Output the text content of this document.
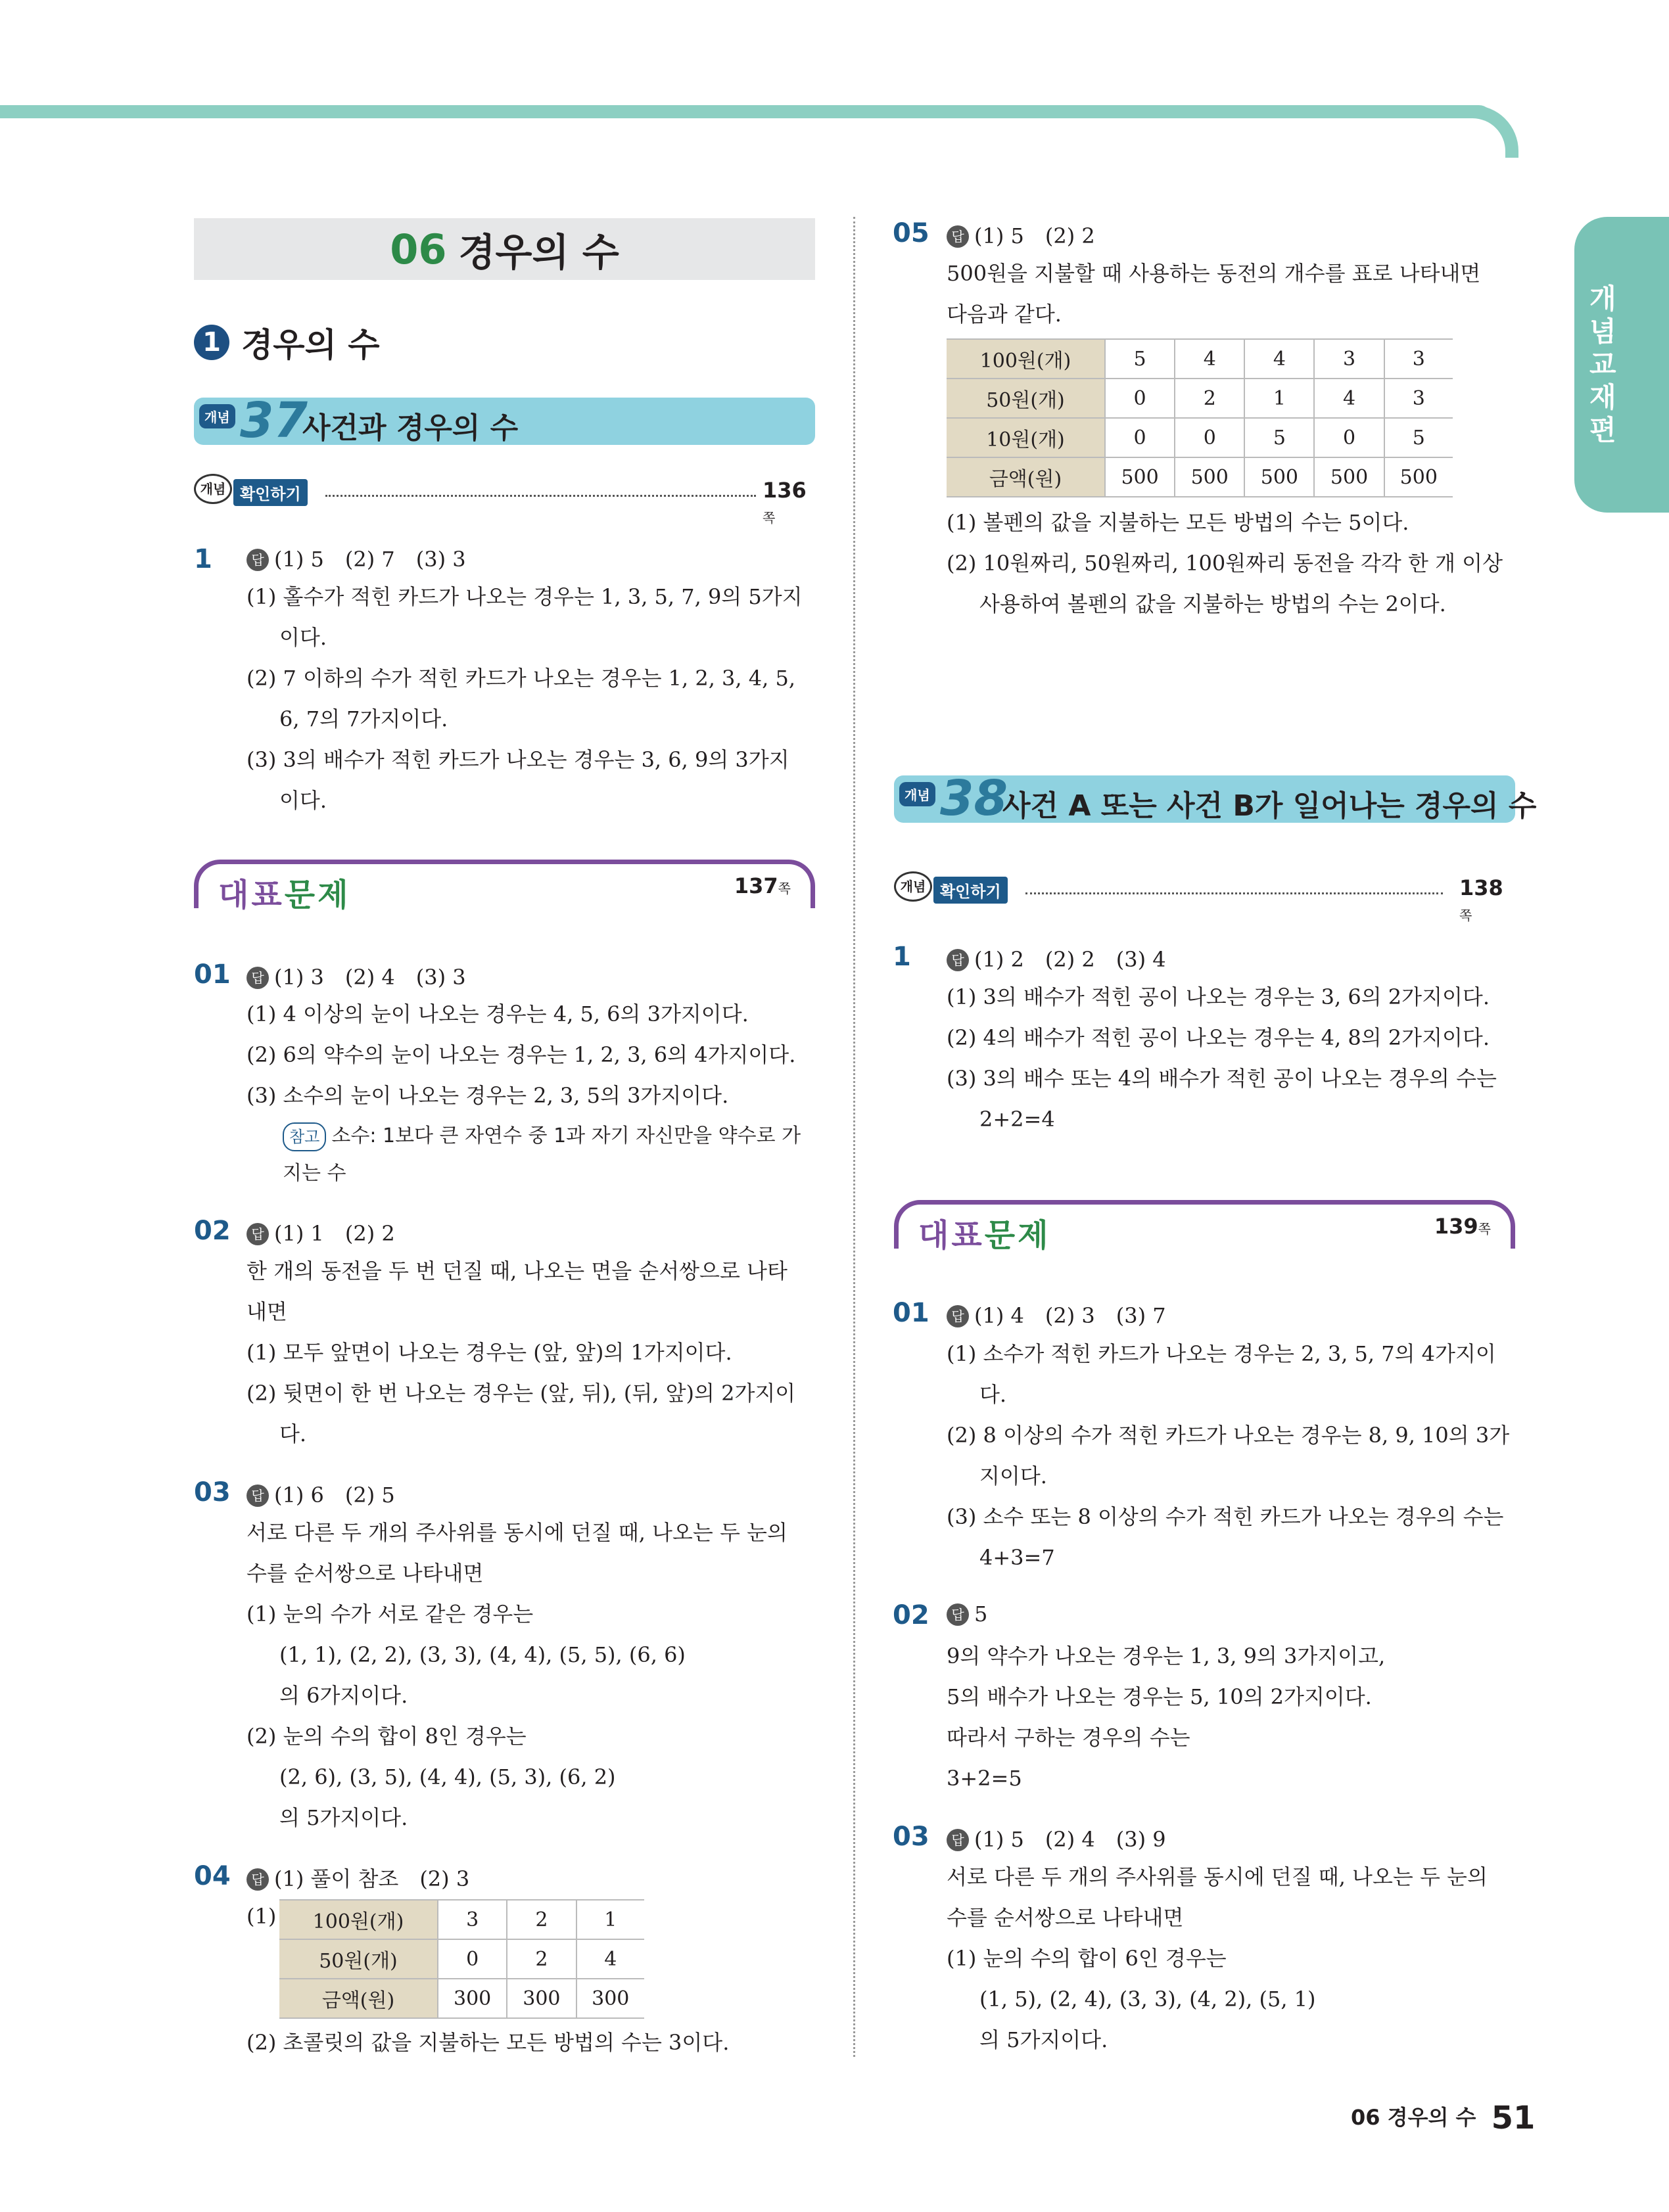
개념교재편
06 경우의 수
1 경우의 수
개념 37
사건과 경우의 수
개념 확인하기	136쪽
1	답 (1) 5　(2) 7　(3) 3
(1) 홀수가 적힌 카드가 나오는 경우는 1, 3, 5, 7, 9의 5가지
이다.
(2) 7 이하의 수가 적힌 카드가 나오는 경우는 1, 2, 3, 4, 5,
6, 7의 7가지이다.
(3) 3의 배수가 적힌 카드가 나오는 경우는 3, 6, 9의 3가지
이다.
대표문제	137쪽
01	답 (1) 3　(2) 4　(3) 3
(1) 4 이상의 눈이 나오는 경우는 4, 5, 6의 3가지이다.
(2) 6의 약수의 눈이 나오는 경우는 1, 2, 3, 6의 4가지이다.
(3) 소수의 눈이 나오는 경우는 2, 3, 5의 3가지이다.
참고 소수: 1보다 큰 자연수 중 1과 자기 자신만을 약수로 가
지는 수
02	답 (1) 1　(2) 2
한 개의 동전을 두 번 던질 때, 나오는 면을 순서쌍으로 나타
내면
(1) 모두 앞면이 나오는 경우는 (앞, 앞)의 1가지이다.
(2) 뒷면이 한 번 나오는 경우는 (앞, 뒤), (뒤, 앞)의 2가지이
다.
03	답 (1) 6　(2) 5
서로 다른 두 개의 주사위를 동시에 던질 때, 나오는 두 눈의
수를 순서쌍으로 나타내면
(1) 눈의 수가 서로 같은 경우는
(1, 1), (2, 2), (3, 3), (4, 4), (5, 5), (6, 6)
의 6가지이다.
(2) 눈의 수의 합이 8인 경우는
(2, 6), (3, 5), (4, 4), (5, 3), (6, 2)
의 5가지이다.
04	답 (1) 풀이 참조　(2) 3
(1) 100원(개)	3	2	1
50원(개)	0	2	4
금액(원)	300	300	300
(2) 초콜릿의 값을 지불하는 모든 방법의 수는 3이다.
05	답 (1) 5　(2) 2
500원을 지불할 때 사용하는 동전의 개수를 표로 나타내면
다음과 같다.
100원(개)	5	4	4	3	3
50원(개)	0	2	1	4	3
10원(개)	0	0	5	0	5
금액(원)	500	500	500	500	500
(1) 볼펜의 값을 지불하는 모든 방법의 수는 5이다.
(2) 10원짜리, 50원짜리, 100원짜리 동전을 각각 한 개 이상
사용하여 볼펜의 값을 지불하는 방법의 수는 2이다.
개념 38
사건 A 또는 사건 B가 일어나는 경우의 수
개념 확인하기	138쪽
1	답 (1) 2　(2) 2　(3) 4
(1) 3의 배수가 적힌 공이 나오는 경우는 3, 6의 2가지이다.
(2) 4의 배수가 적힌 공이 나오는 경우는 4, 8의 2가지이다.
(3) 3의 배수 또는 4의 배수가 적힌 공이 나오는 경우의 수는
2+2=4
대표문제	139쪽
01	답 (1) 4　(2) 3　(3) 7
(1) 소수가 적힌 카드가 나오는 경우는 2, 3, 5, 7의 4가지이
다.
(2) 8 이상의 수가 적힌 카드가 나오는 경우는 8, 9, 10의 3가
지이다.
(3) 소수 또는 8 이상의 수가 적힌 카드가 나오는 경우의 수는
4+3=7
02	답 5
9의 약수가 나오는 경우는 1, 3, 9의 3가지이고,
5의 배수가 나오는 경우는 5, 10의 2가지이다.
따라서 구하는 경우의 수는
3+2=5
03	답 (1) 5　(2) 4　(3) 9
서로 다른 두 개의 주사위를 동시에 던질 때, 나오는 두 눈의
수를 순서쌍으로 나타내면
(1) 눈의 수의 합이 6인 경우는
(1, 5), (2, 4), (3, 3), (4, 2), (5, 1)
의 5가지이다.
06 경우의 수 51
